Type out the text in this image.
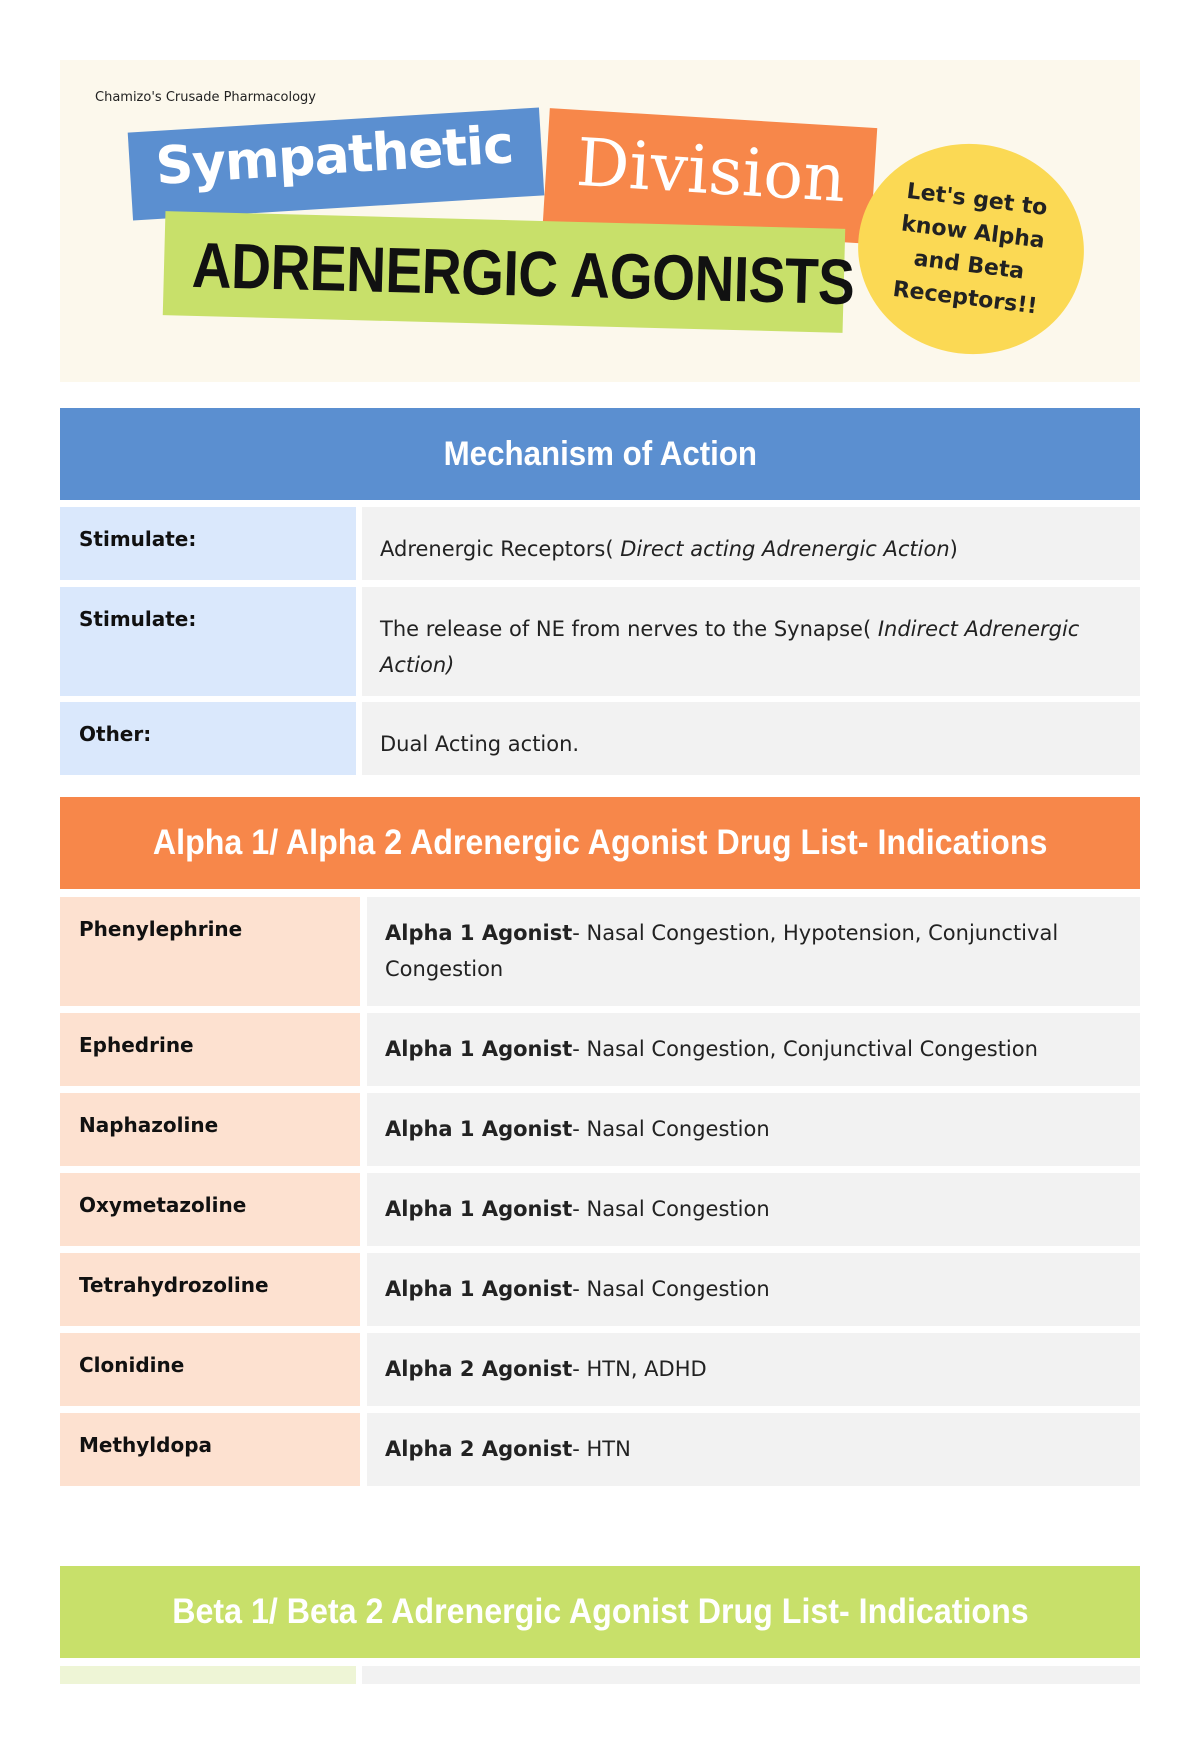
Chamizo's Crusade Pharmacology
Sympathetic Division
ADRENERGIC AGONISTS
Let's get to know Alpha and Beta Receptors!!
Mechanism of Action
Stimulate:	Adrenergic Receptors( Direct acting Adrenergic Action)
Stimulate:	The release of NE from nerves to the Synapse( Indirect Adrenergic Action)
Other:	Dual Acting action.
Alpha 1/ Alpha 2 Adrenergic Agonist Drug List- Indications
Phenylephrine	Alpha 1 Agonist- Nasal Congestion, Hypotension, Conjunctival Congestion
Ephedrine	Alpha 1 Agonist- Nasal Congestion, Conjunctival Congestion
Naphazoline	Alpha 1 Agonist- Nasal Congestion
Oxymetazoline	Alpha 1 Agonist- Nasal Congestion
Tetrahydrozoline	Alpha 1 Agonist- Nasal Congestion
Clonidine	Alpha 2 Agonist- HTN, ADHD
Methyldopa	Alpha 2 Agonist- HTN
Beta 1/ Beta 2 Adrenergic Agonist Drug List- Indications
